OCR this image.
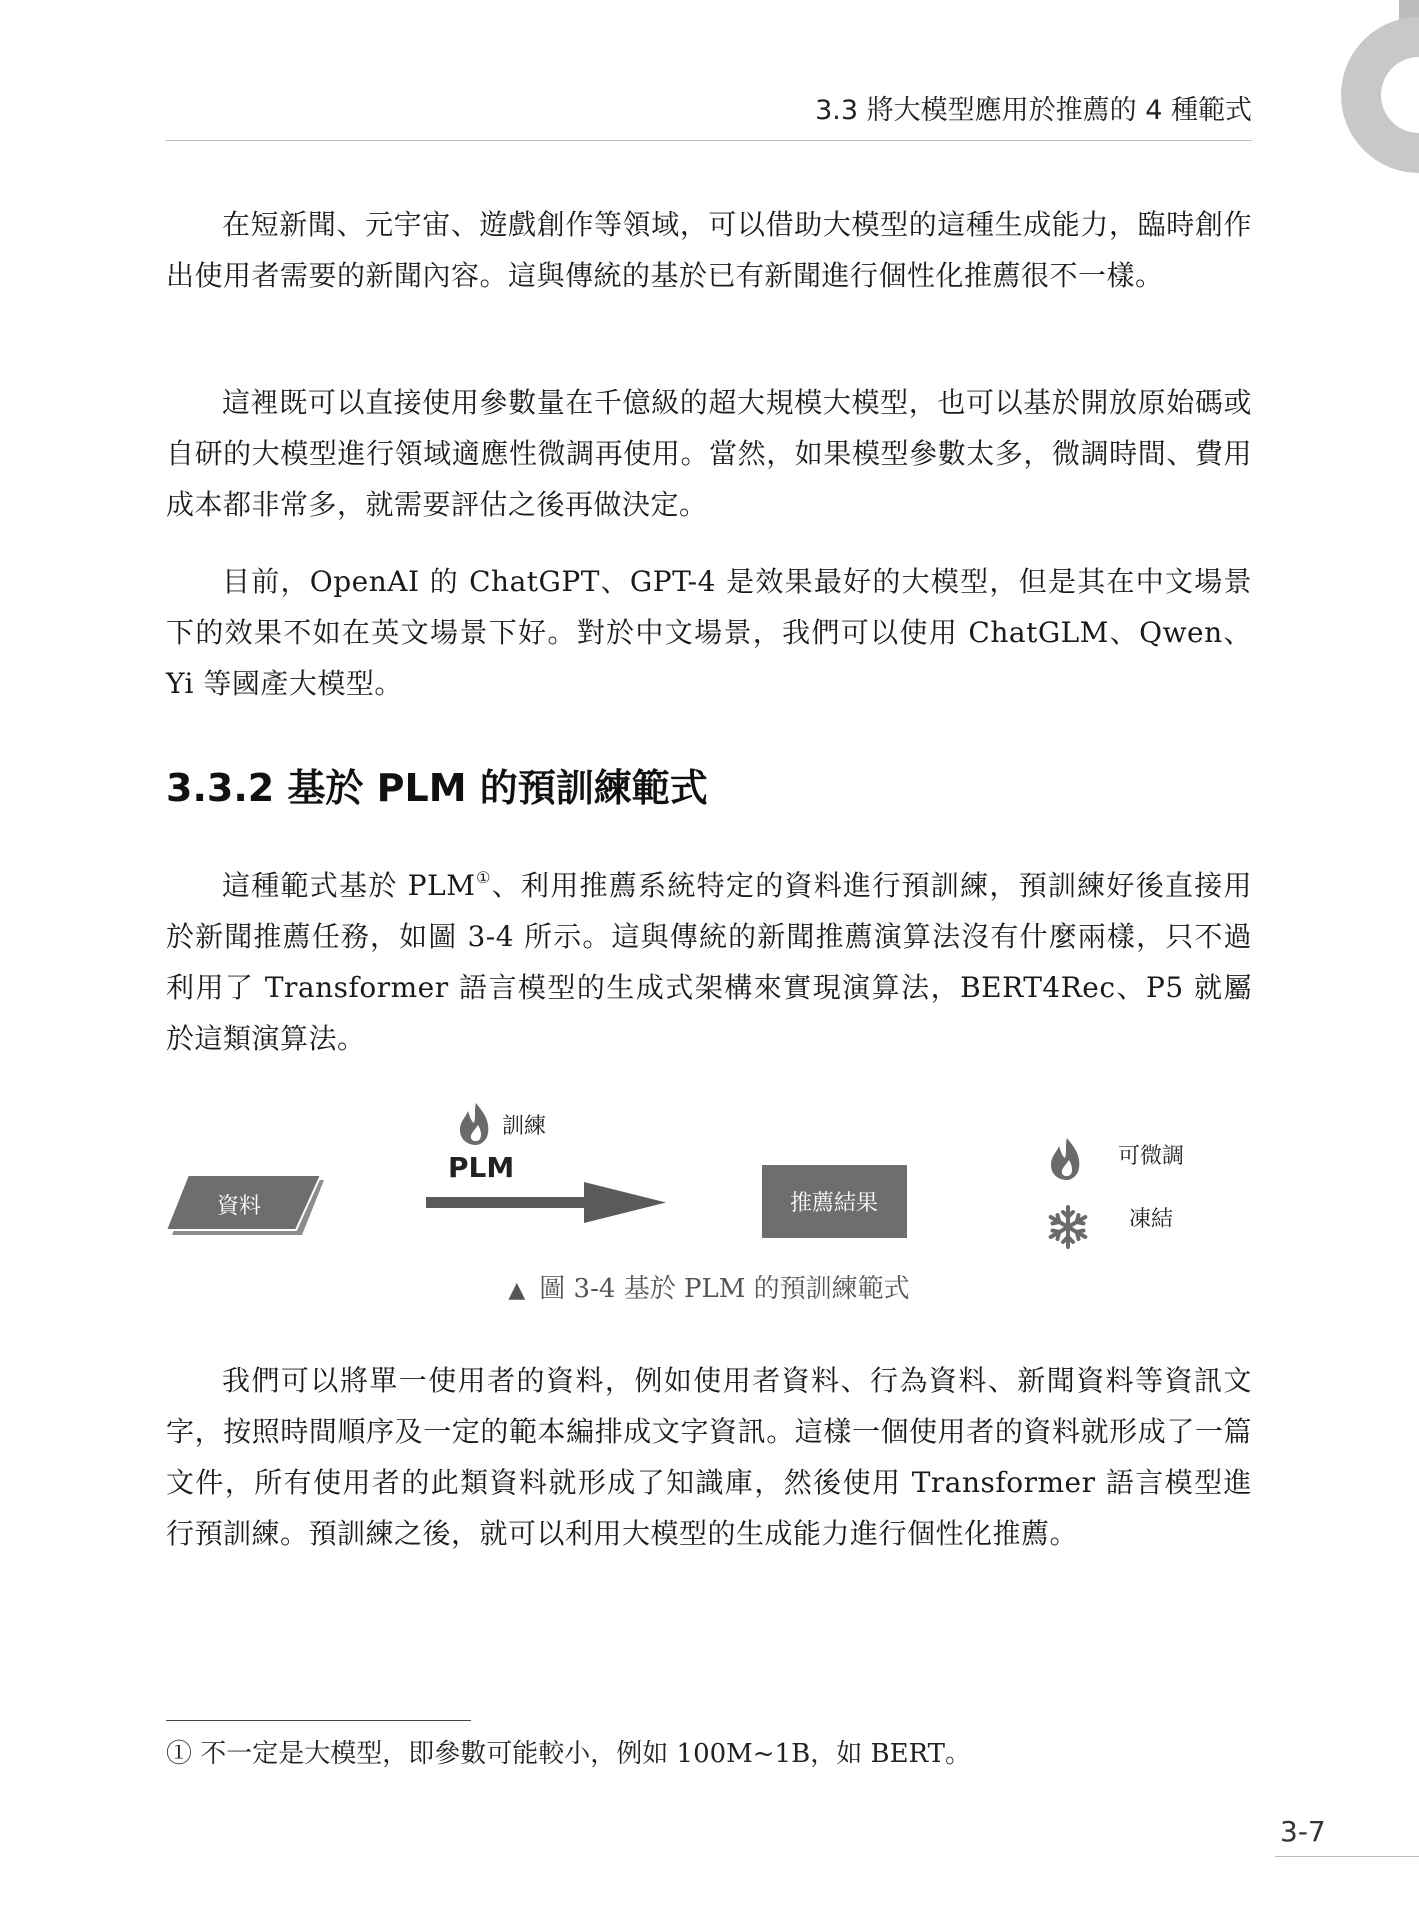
3.3 將大模型應用於推薦的 4 種範式

在短新聞、元宇宙、遊戲創作等領域，可以借助大模型的這種生成能力，臨時創作出使用者需要的新聞內容。這與傳統的基於已有新聞進行個性化推薦很不一樣。

這裡既可以直接使用參數量在千億級的超大規模大模型，也可以基於開放原始碼或自研的大模型進行領域適應性微調再使用。當然，如果模型參數太多，微調時間、費用成本都非常多，就需要評估之後再做決定。

目前，OpenAI 的 ChatGPT、GPT-4 是效果最好的大模型，但是其在中文場景下的效果不如在英文場景下好。對於中文場景，我們可以使用 ChatGLM、Qwen、Yi 等國產大模型。

3.3.2 基於 PLM 的預訓練範式

這種範式基於 PLM①、利用推薦系統特定的資料進行預訓練，預訓練好後直接用於新聞推薦任務，如圖 3-4 所示。這與傳統的新聞推薦演算法沒有什麼兩樣，只不過利用了 Transformer 語言模型的生成式架構來實現演算法，BERT4Rec、P5 就屬於這類演算法。

資料
訓練
PLM
推薦結果
可微調
凍結
▲ 圖 3-4 基於 PLM 的預訓練範式

我們可以將單一使用者的資料，例如使用者資料、行為資料、新聞資料等資訊文字，按照時間順序及一定的範本編排成文字資訊。這樣一個使用者的資料就形成了一篇文件，所有使用者的此類資料就形成了知識庫，然後使用 Transformer 語言模型進行預訓練。預訓練之後，就可以利用大模型的生成能力進行個性化推薦。

① 不一定是大模型，即參數可能較小，例如 100M~1B，如 BERT。
3-7
